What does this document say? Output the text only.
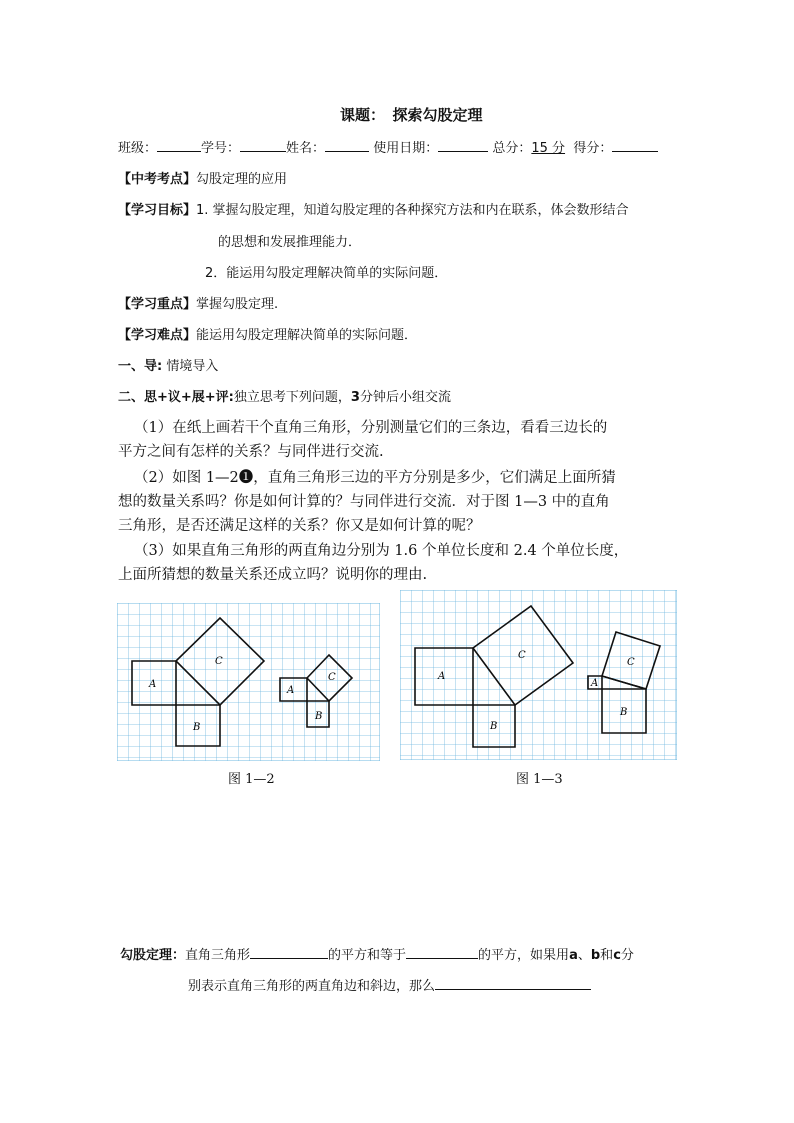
课题：　探索勾股定理
班级：	学号：	姓名：	使用日期：	总分：15 分 得分：
【中考考点】勾股定理的应用
【学习目标】1. 掌握勾股定理，知道勾股定理的各种探究方法和内在联系，体会数形结合
的思想和发展推理能力．
2．能运用勾股定理解决简单的实际问题．
【学习重点】掌握勾股定理.
【学习难点】能运用勾股定理解决简单的实际问题．
一、导: 情境导入
二、思+议+展+评:独立思考下列问题，3分钟后小组交流
（1）在纸上画若干个直角三角形，分别测量它们的三条边，看看三边长的
平方之间有怎样的关系？与同伴进行交流.
（2）如图 1—2❶，直角三角形三边的平方分别是多少，它们满足上面所猜
想的数量关系吗？你是如何计算的？与同伴进行交流．对于图 1—3 中的直角
三角形，是否还满足这样的关系？你又是如何计算的呢？
（3）如果直角三角形的两直角边分别为 1.6 个单位长度和 2.4 个单位长度，
上面所猜想的数量关系还成立吗？说明你的理由.
A
B
C
A
B
C
图 1—2
A
B
C
A
B
C
图 1—3
勾股定理：直角三角形	的平方和等于	的平方，如果用a、b和c分
别表示直角三角形的两直角边和斜边，那么
